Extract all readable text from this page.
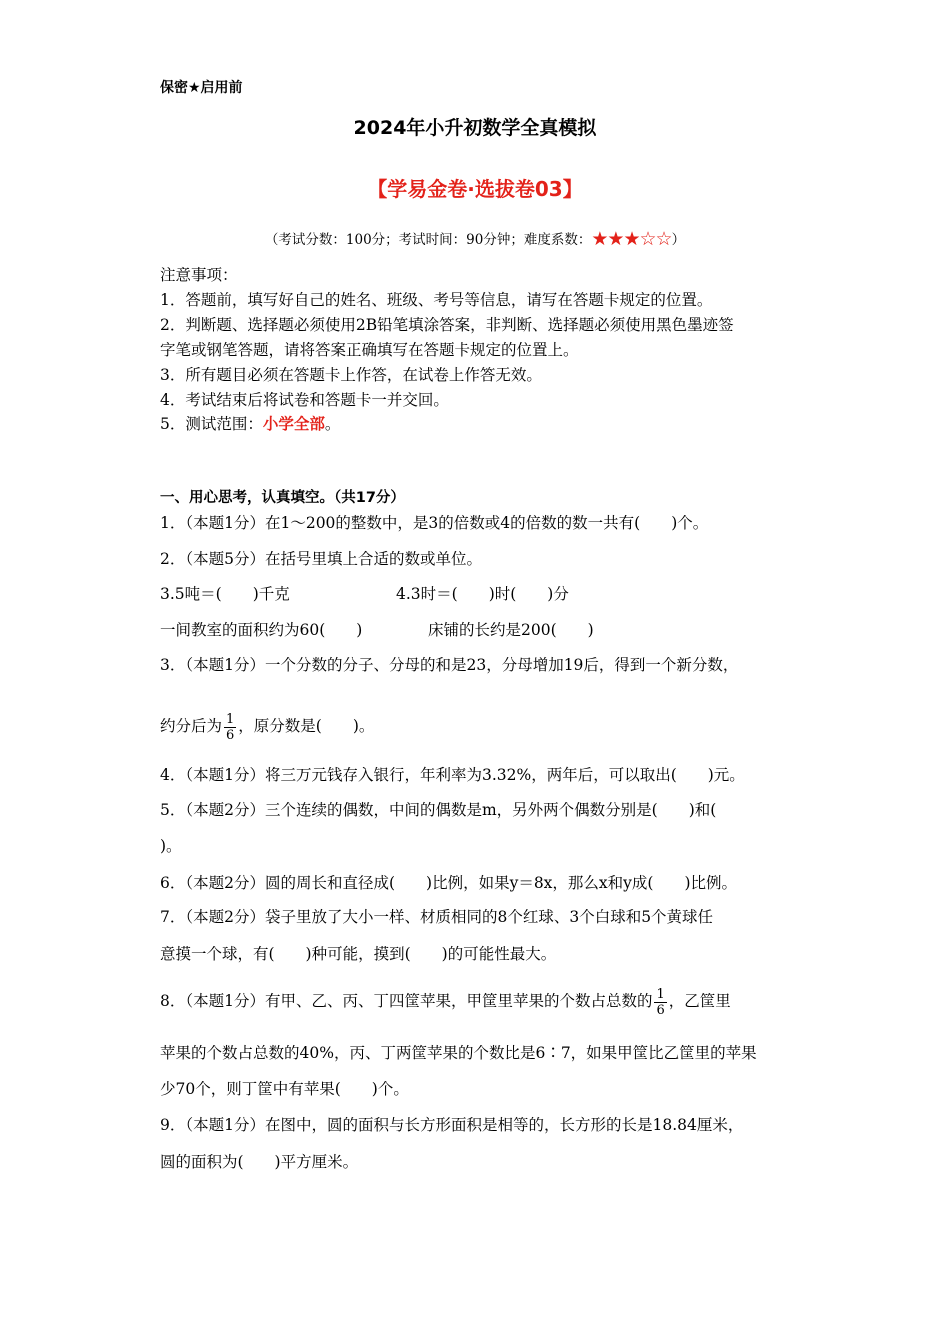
保密★启用前
2024年小升初数学全真模拟
【学易金卷·选拔卷03】
（考试分数：100分；考试时间：90分钟；难度系数：★★★☆☆）
注意事项：
1．答题前，填写好自己的姓名、班级、考号等信息，请写在答题卡规定的位置。
2．判断题、选择题必须使用2B铅笔填涂答案，非判断、选择题必须使用黑色墨迹签
字笔或钢笔答题，请将答案正确填写在答题卡规定的位置上。
3．所有题目必须在答题卡上作答，在试卷上作答无效。
4．考试结束后将试卷和答题卡一并交回。
5．测试范围：小学全部。
一、用心思考，认真填空。（共17分）
1．（本题1分）在1～200的整数中，是3的倍数或4的倍数的数一共有(　　)个。
2．（本题5分）在括号里填上合适的数或单位。
3.5吨＝(　　)千克	4.3时＝(　　)时(　　)分
一间教室的面积约为60(　　)	床铺的长约是200(　　)
3．（本题1分）一个分数的分子、分母的和是23，分母增加19后，得到一个新分数，
约分后为 $\frac{1}{6}$ ，原分数是(　　)。
4．（本题1分）将三万元钱存入银行，年利率为3.32%，两年后，可以取出(　　)元。
5．（本题2分）三个连续的偶数，中间的偶数是m，另外两个偶数分别是(　　)和(
)。
6．（本题2分）圆的周长和直径成(　　)比例，如果y＝8x，那么x和y成(　　)比例。
7．（本题2分）袋子里放了大小一样、材质相同的8个红球、3个白球和5个黄球任
意摸一个球，有(　　)种可能，摸到(　　)的可能性最大。
8．（本题1分）有甲、乙、丙、丁四筐苹果，甲筐里苹果的个数占总数的 $\frac{1}{6}$ ，乙筐里
苹果的个数占总数的40%，丙、丁两筐苹果的个数比是6∶7，如果甲筐比乙筐里的苹果
少70个，则丁筐中有苹果(　　)个。
9．（本题1分）在图中，圆的面积与长方形面积是相等的，长方形的长是18.84厘米，
圆的面积为(　　)平方厘米。
